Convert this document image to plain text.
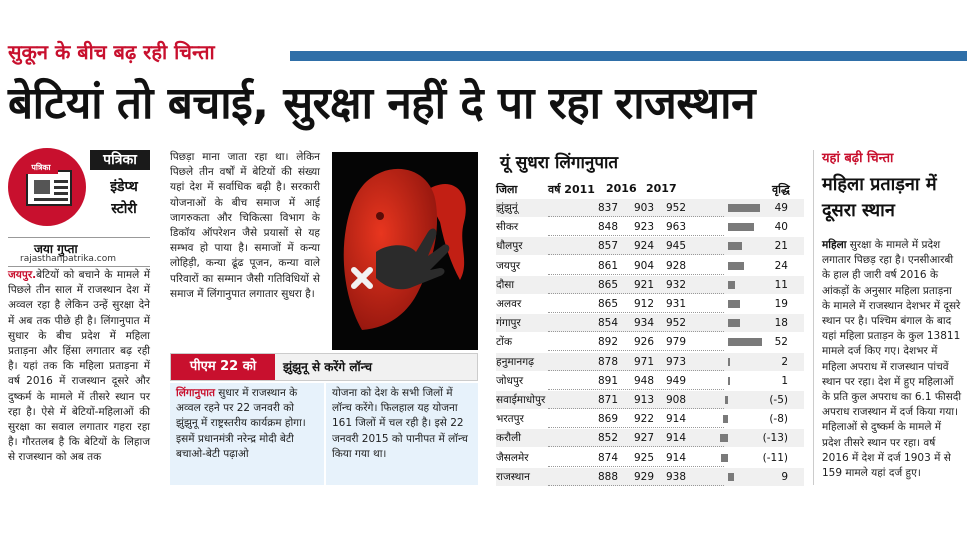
सुकून के बीच बढ़ रही चिन्ता
बेटियां तो बचाई, सुरक्षा नहीं दे पा रहा राजस्थान
पत्रिका	पत्रिका
इंडेप्थ
स्टोरी
जया गुप्ता
rajasthanpatrika.com
जयपुर.बेटियों को बचाने के मामले में पिछले तीन साल में राजस्थान देश में अव्वल रहा है लेकिन उन्हें सुरक्षा देने में अब तक पीछे ही है। लिंगानुपात में सुधार के बीच प्रदेश में महिला प्रताड़ना और हिंसा लगातार बढ़ रही है। यहां तक कि महिला प्रताड़ना में वर्ष 2016 में राजस्थान दूसरे और दुष्कर्म के मामले में तीसरे स्थान पर रहा है। ऐसे में बेटियों-महिलाओं की सुरक्षा का सवाल लगातार गहरा रहा है। गौरतलब है कि बेटियों के लिहाज से राजस्थान को अब तक
पिछड़ा माना जाता रहा था। लेकिन पिछले तीन वर्षों में बेटियों की संख्या यहां देश में सर्वाधिक बढ़ी है। सरकारी योजनाओं के बीच समाज में आई जागरुकता और चिकित्सा विभाग के डिकॉय ऑपरेशन जैसे प्रयासों से यह सम्भव हो पाया है। समाजों में कन्या लोहिड़ी, कन्या ढूंढ पूजन, कन्या वाले परिवारों का सम्मान जैसी गतिविधियों से समाज में लिंगानुपात लगातार सुधरा है।
पीएम 22 को	झुंझुनू से करेंगे लॉन्च
लिंगानुपात सुधार में राजस्थान के अव्वल रहने पर 22 जनवरी को झुंझुनू में राष्ट्रस्तरीय कार्यक्रम होगा। इसमें प्रधानमंत्री नरेन्द्र मोदी बेटी बचाओ-बेटी पढ़ाओ
योजना को देश के सभी जिलों में लॉन्च करेंगे। फिलहाल यह योजना 161 जिलों में चल रही है। इसे 22 जनवरी 2015 को पानीपत में लॉन्च किया गया था।
यूं सुधरा लिंगानुपात
जिला	वर्ष 2011 2016 2017	वृद्धि
झुंझुनूं	837	903	952	49
सीकर	848	923	963	40
धौलपुर	857	924	945	21
जयपुर	861	904	928	24
दौसा	865	921	932	11
अलवर	865	912	931	19
गंगापुर	854	934	952	18
टोंक	892	926	979	52
हनुमानगढ़	878	971	973	2
जोधपुर	891	948	949	1
सवाईमाधोपुर	871	913	908	(-5)
भरतपुर	869	922	914	(-8)
करौली	852	927	914	(-13)
जैसलमेर	874	925	914	(-11)
राजस्थान	888	929	938	9
यहां बढ़ी चिन्ता
महिला प्रताड़ना में दूसरा स्थान
महिला सुरक्षा के मामले में प्रदेश लगातार पिछड़ रहा है। एनसीआरबी के हाल ही जारी वर्ष 2016 के आंकड़ों के अनुसार महिला प्रताड़ना के मामले में राजस्थान देशभर में दूसरे स्थान पर है। पश्चिम बंगाल के बाद यहां महिला प्रताड़न के कुल 13811 मामले दर्ज किए गए। देशभर में महिला अपराध में राजस्थान पांचवें स्थान पर रहा। देश में हुए महिलाओं के प्रति कुल अपराध का 6.1 फीसदी अपराध राजस्थान में दर्ज किया गया। महिलाओं से दुष्कर्म के मामले में प्रदेश तीसरे स्थान पर रहा। वर्ष 2016 में देश में दर्ज 1903 में से 159 मामले यहां दर्ज हुए।
